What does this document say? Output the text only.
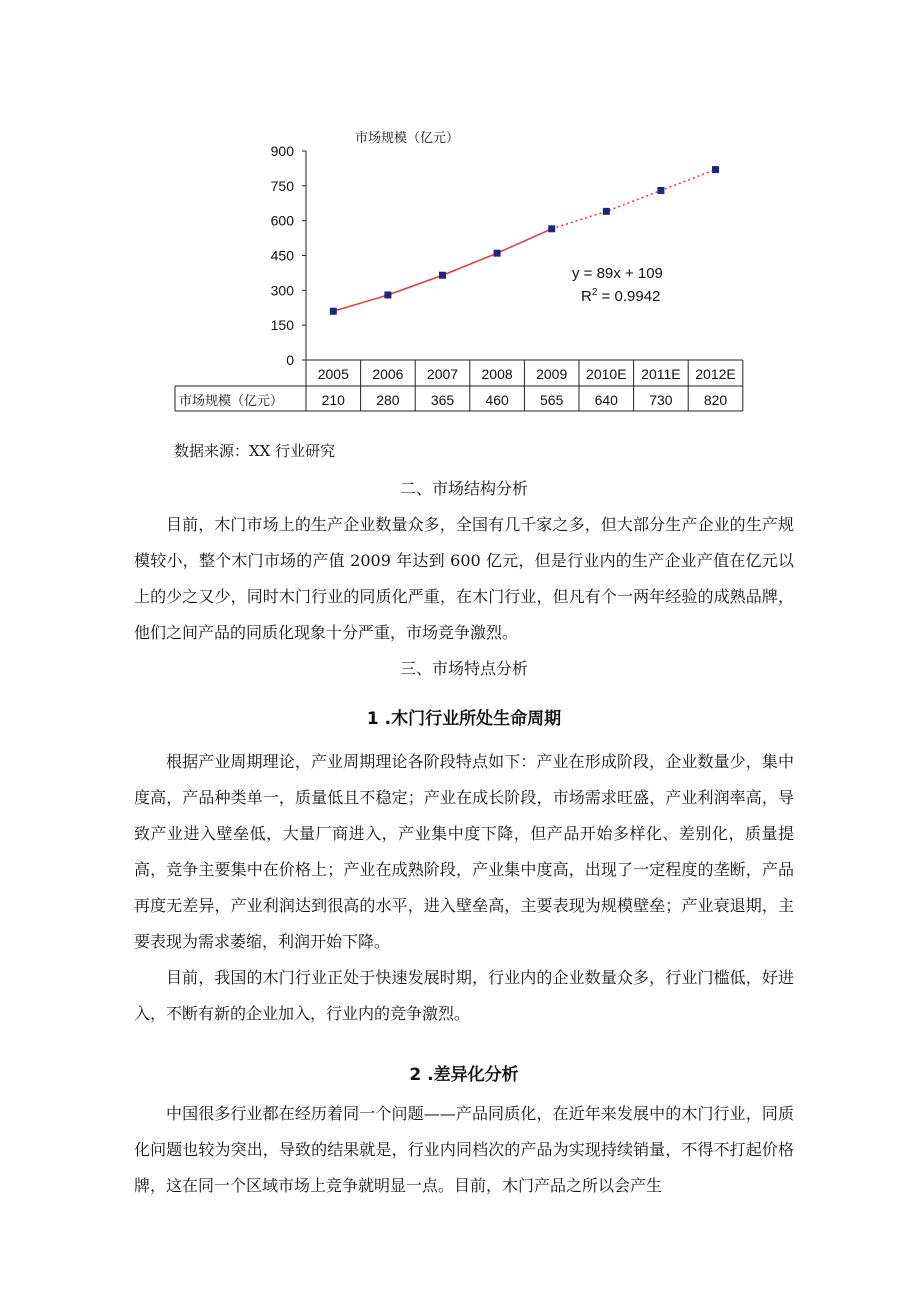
市场规模（亿元）
0
150
300
450
600
750
900
y = 89x + 109
$R^2 = 0.9942$
2005 2006 2007 2008 2009 2010E 2011E 2012E
210 280 365 460 565 640 730 820
市场规模（亿元）
数据来源：XX 行业研究
二、市场结构分析

目前，木门市场上的生产企业数量众多，全国有几千家之多，但大部分生产企业的生产规模较小，整个木门市场的产值 2009 年达到 600 亿元，但是行业内的生产企业产值在亿元以上的少之又少，同时木门行业的同质化严重，在木门行业，但凡有个一两年经验的成熟品牌，他们之间产品的同质化现象十分严重，市场竞争激烈。

三、市场特点分析
1 .木门行业所处生命周期

根据产业周期理论，产业周期理论各阶段特点如下：产业在形成阶段，企业数量少，集中度高，产品种类单一，质量低且不稳定；产业在成长阶段，市场需求旺盛，产业利润率高，导致产业进入壁垒低，大量厂商进入，产业集中度下降，但产品开始多样化、差别化，质量提高，竞争主要集中在价格上；产业在成熟阶段，产业集中度高，出现了一定程度的垄断，产品再度无差异，产业利润达到很高的水平，进入壁垒高，主要表现为规模壁垒；产业衰退期，主要表现为需求萎缩，利润开始下降。

目前，我国的木门行业正处于快速发展时期，行业内的企业数量众多，行业门槛低，好进入，不断有新的企业加入，行业内的竞争激烈。

2 .差异化分析

中国很多行业都在经历着同一个问题——产品同质化，在近年来发展中的木门行业，同质化问题也较为突出，导致的结果就是，行业内同档次的产品为实现持续销量，不得不打起价格牌，这在同一个区域市场上竞争就明显一点。目前，木门产品之所以会产生
